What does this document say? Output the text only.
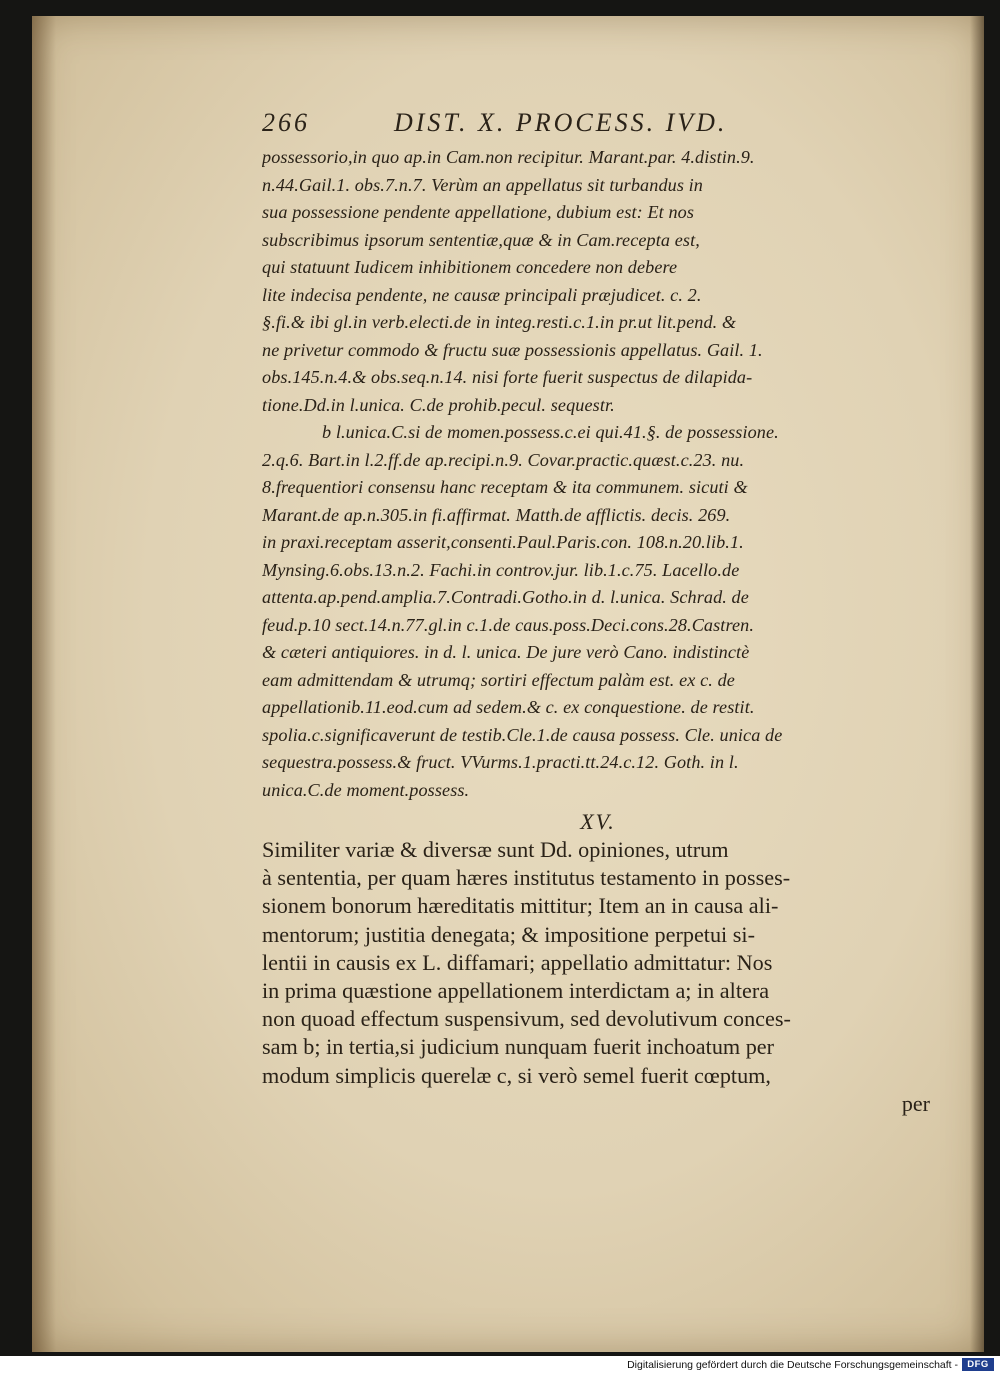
266	DIST. X. PROCESS. IVD.
possessorio,in quo ap.in Cam.non recipitur. Marant.par. 4.distin.9.
n.44.Gail.1. obs.7.n.7. Verùm an appellatus sit turbandus in
sua possessione pendente appellatione, dubium est: Et nos
subscribimus ipsorum sententiæ,quæ & in Cam.recepta est,
qui statuunt Iudicem inhibitionem concedere non debere
lite indecisa pendente, ne causæ principali præjudicet. c. 2.
§.fi.& ibi gl.in verb.electi.de in integ.resti.c.1.in pr.ut lit.pend. &
ne privetur commodo & fructu suæ possessionis appellatus. Gail. 1.
obs.145.n.4.& obs.seq.n.14. nisi forte fuerit suspectus de dilapida-
tione.Dd.in l.unica. C.de prohib.pecul. sequestr.
b l.unica.C.si de momen.possess.c.ei qui.41.§. de possessione.
2.q.6. Bart.in l.2.ff.de ap.recipi.n.9. Covar.practic.quæst.c.23. nu.
8.frequentiori consensu hanc receptam & ita communem. sicuti &
Marant.de ap.n.305.in fi.affirmat. Matth.de afflictis. decis. 269.
in praxi.receptam asserit,consenti.Paul.Paris.con. 108.n.20.lib.1.
Mynsing.6.obs.13.n.2. Fachi.in controv.jur. lib.1.c.75. Lacello.de
attenta.ap.pend.amplia.7.Contradi.Gotho.in d. l.unica. Schrad. de
feud.p.10 sect.14.n.77.gl.in c.1.de caus.poss.Deci.cons.28.Castren.
& cæteri antiquiores. in d. l. unica. De jure verò Cano. indistinctè
eam admittendam & utrumq; sortiri effectum palàm est. ex c. de
appellationib.11.eod.cum ad sedem.& c. ex conquestione. de restit.
spolia.c.significaverunt de testib.Cle.1.de causa possess. Cle. unica de
sequestra.possess.& fruct. VVurms.1.practi.tt.24.c.12. Goth. in l.
unica.C.de moment.possess.
XV.
Similiter variæ & diversæ sunt Dd. opiniones, utrum
à sententia, per quam hæres institutus testamento in posses-
sionem bonorum hæreditatis mittitur; Item an in causa ali-
mentorum; justitia denegata; & impositione perpetui si-
lentii in causis ex L. diffamari; appellatio admittatur: Nos
in prima quæstione appellationem interdictam a; in altera
non quoad effectum suspensivum, sed devolutivum conces-
sam b; in tertia,si judicium nunquam fuerit inchoatum per
modum simplicis querelæ c, si verò semel fuerit cœptum,
per
Digitalisierung gefördert durch die Deutsche Forschungsgemeinschaft - DFG
